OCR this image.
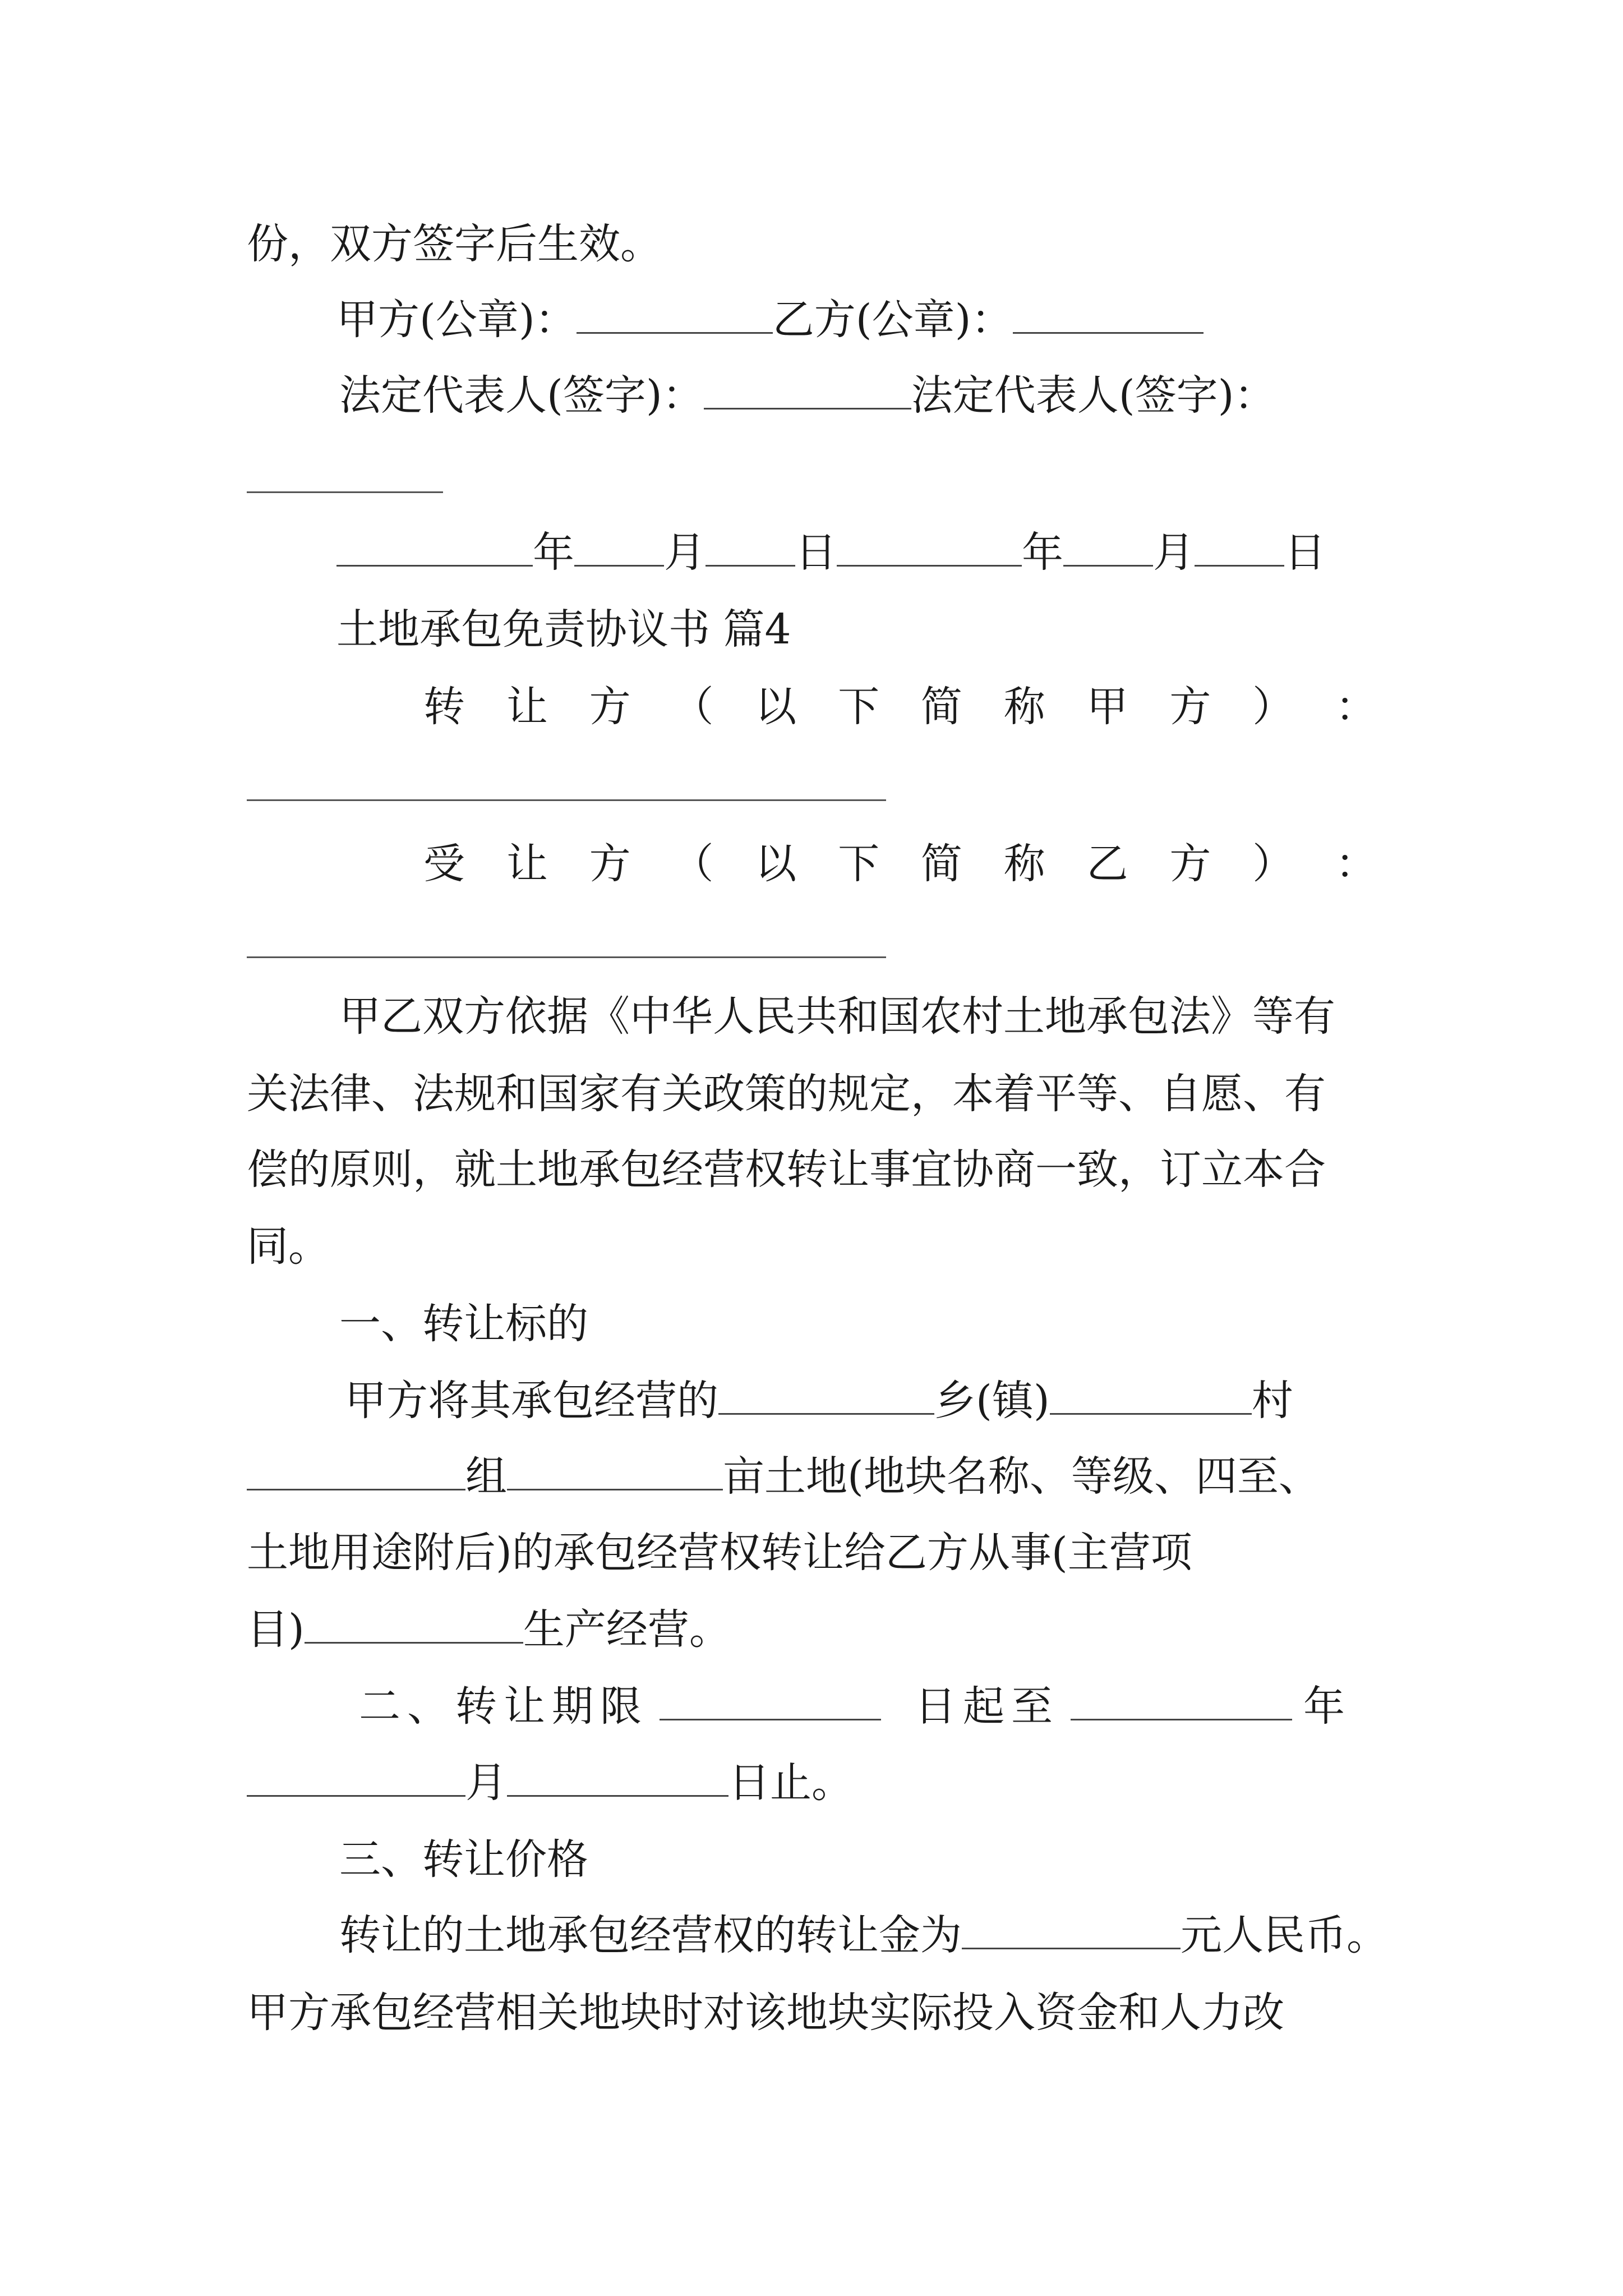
份，双方签字后生效。
甲方(公章)：	乙方(公章)：
法定代表人(签字)：	法定代表人(签字)：
年 月 日	年 月 日
土地承包免责协议书 篇4
转 让 方 （ 以 下 简 称 甲 方 ） ：
受 让 方 （ 以 下 简 称 乙 方 ） ：
甲乙双方依据《中华人民共和国农村土地承包法》等有
关法律、法规和国家有关政策的规定，本着平等、自愿、有
偿的原则，就土地承包经营权转让事宜协商一致，订立本合
同。
一、转让标的
甲方将其承包经营的	乡(镇)	村
组	亩土地(地块名称、等级、四至、
土地用途附后)的承包经营权转让给乙方从事(主营项
目)	生产经营。
二、转让期限	日起至	年
月	日止。
三、转让价格
转让的土地承包经营权的转让金为	元人民币。
甲方承包经营相关地块时对该地块实际投入资金和人力改
